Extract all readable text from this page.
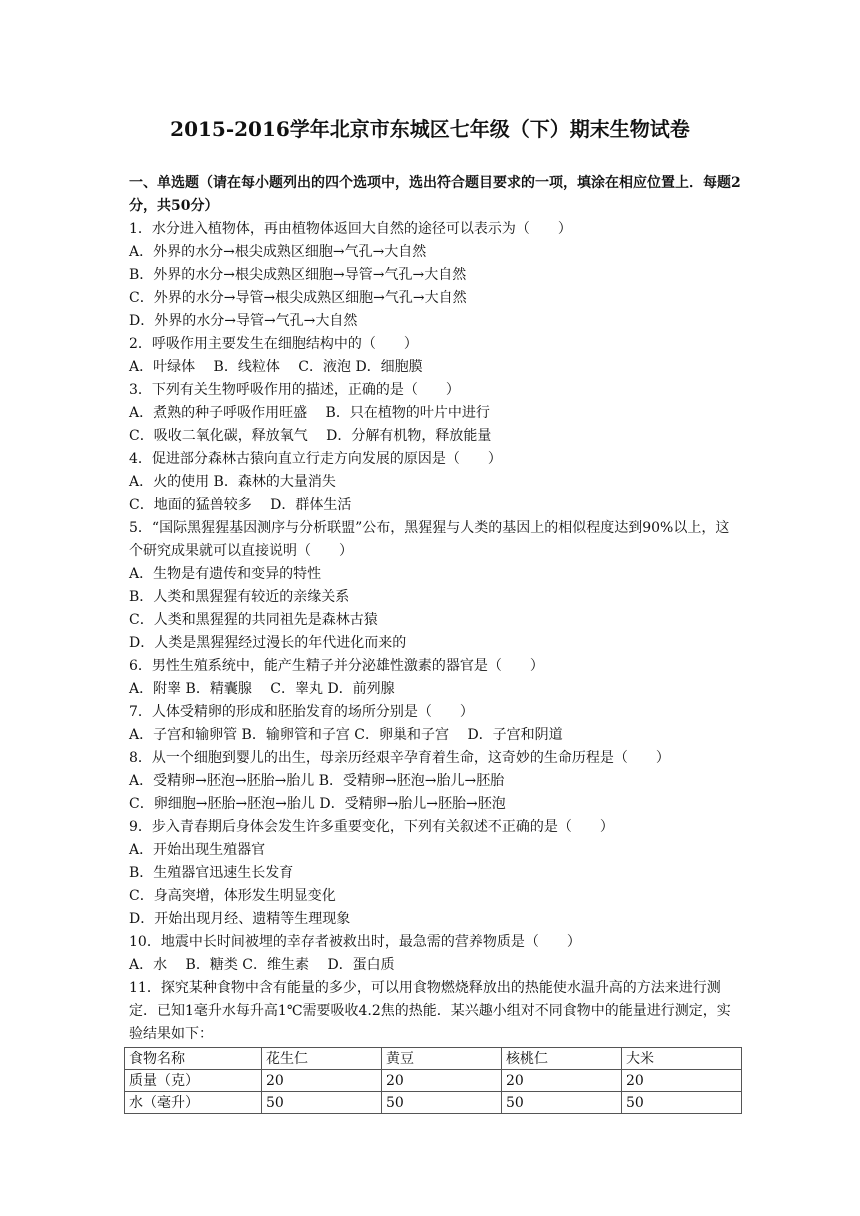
2015-2016学年北京市东城区七年级（下）期末生物试卷
一、单选题（请在每小题列出的四个选项中，选出符合题目要求的一项，填涂在相应位置上．每题2分，共50分）
1．水分进入植物体，再由植物体返回大自然的途径可以表示为（　　）
A．外界的水分→根尖成熟区细胞→气孔→大自然
B．外界的水分→根尖成熟区细胞→导管→气孔→大自然
C．外界的水分→导管→根尖成熟区细胞→气孔→大自然
D．外界的水分→导管→气孔→大自然
2．呼吸作用主要发生在细胞结构中的（　　）
A．叶绿体　 B．线粒体　 C．液泡 D．细胞膜
3．下列有关生物呼吸作用的描述，正确的是（　　）
A．煮熟的种子呼吸作用旺盛　 B．只在植物的叶片中进行
C．吸收二氧化碳，释放氧气　 D．分解有机物，释放能量
4．促进部分森林古猿向直立行走方向发展的原因是（　　）
A．火的使用 B．森林的大量消失
C．地面的猛兽较多　 D．群体生活
5．“国际黑猩猩基因测序与分析联盟”公布，黑猩猩与人类的基因上的相似程度达到90%以上，这个研究成果就可以直接说明（　　）
A．生物是有遗传和变异的特性
B．人类和黑猩猩有较近的亲缘关系
C．人类和黑猩猩的共同祖先是森林古猿
D．人类是黑猩猩经过漫长的年代进化而来的
6．男性生殖系统中，能产生精子并分泌雄性激素的器官是（　　）
A．附睾 B．精囊腺　 C．睾丸 D．前列腺
7．人体受精卵的形成和胚胎发育的场所分别是（　　）
A．子宫和输卵管 B．输卵管和子宫 C．卵巢和子宫　 D．子宫和阴道
8．从一个细胞到婴儿的出生，母亲历经艰辛孕育着生命，这奇妙的生命历程是（　　）
A．受精卵→胚泡→胚胎→胎儿 B．受精卵→胚泡→胎儿→胚胎
C．卵细胞→胚胎→胚泡→胎儿 D．受精卵→胎儿→胚胎→胚泡
9．步入青春期后身体会发生许多重要变化，下列有关叙述不正确的是（　　）
A．开始出现生殖器官
B．生殖器官迅速生长发育
C．身高突增，体形发生明显变化
D．开始出现月经、遗精等生理现象
10．地震中长时间被埋的幸存者被救出时，最急需的营养物质是（　　）
A．水　 B．糖类 C．维生素　 D．蛋白质
11．探究某种食物中含有能量的多少，可以用食物燃烧释放出的热能使水温升高的方法来进行测定．已知1毫升水每升高1℃需要吸收4.2焦的热能．某兴趣小组对不同食物中的能量进行测定，实验结果如下：
食物名称	花生仁	黄豆	核桃仁	大米
质量（克）	20	20	20	20
水（毫升）	50	50	50	50
